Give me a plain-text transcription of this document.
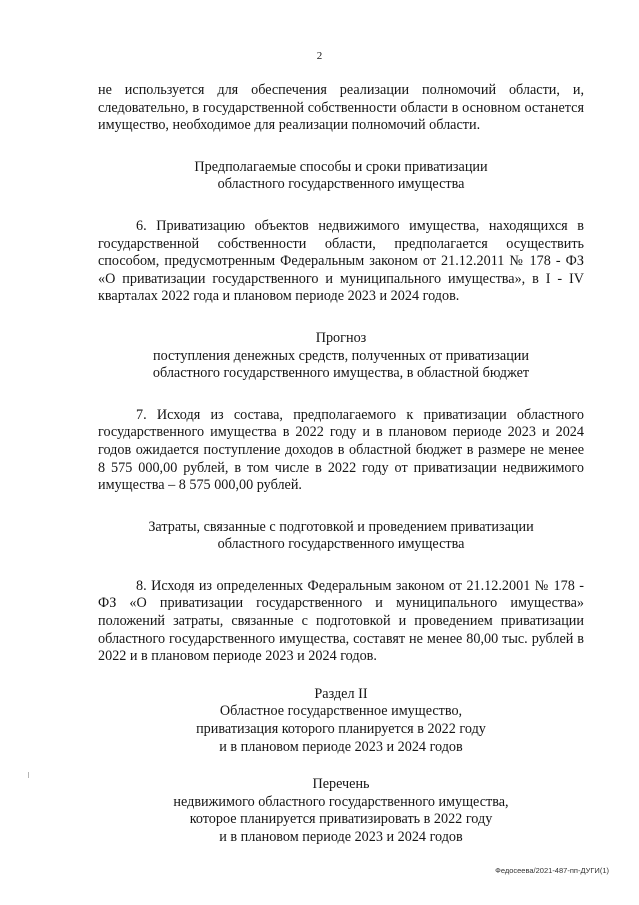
2

не используется для обеспечения реализации полномочий области, и, следовательно, в государственной собственности области в основном останется имущество, необходимое для реализации полномочий области.

Предполагаемые способы и сроки приватизации
областного государственного имущества

6. Приватизацию объектов недвижимого имущества, находящихся в государственной собственности области, предполагается осуществить способом, предусмотренным Федеральным законом от 21.12.2011 № 178 - ФЗ «О приватизации государственного и муниципального имущества», в I - IV кварталах 2022 года и плановом периоде 2023 и 2024 годов.

Прогноз
поступления денежных средств, полученных от приватизации
областного государственного имущества, в областной бюджет

7. Исходя из состава, предполагаемого к приватизации областного государственного имущества в 2022 году и в плановом периоде 2023 и 2024 годов ожидается поступление доходов в областной бюджет в размере не менее 8 575 000,00 рублей, в том числе в 2022 году от приватизации недвижимого имущества – 8 575 000,00 рублей.

Затраты, связанные с подготовкой и проведением приватизации
областного государственного имущества

8. Исходя из определенных Федеральным законом от 21.12.2001 № 178 - ФЗ «О приватизации государственного и муниципального имущества» положений затраты, связанные с подготовкой и проведением приватизации областного государственного имущества, составят не менее 80,00 тыс. рублей в 2022 и в плановом периоде 2023 и 2024 годов.

Раздел II
Областное государственное имущество,
приватизация которого планируется в 2022 году
и в плановом периоде 2023 и 2024 годов

Перечень
недвижимого областного государственного имущества,
которое планируется приватизировать в 2022 году
и в плановом периоде 2023 и 2024 годов

Федосеева/2021-487-пп-ДУГИ(1)
